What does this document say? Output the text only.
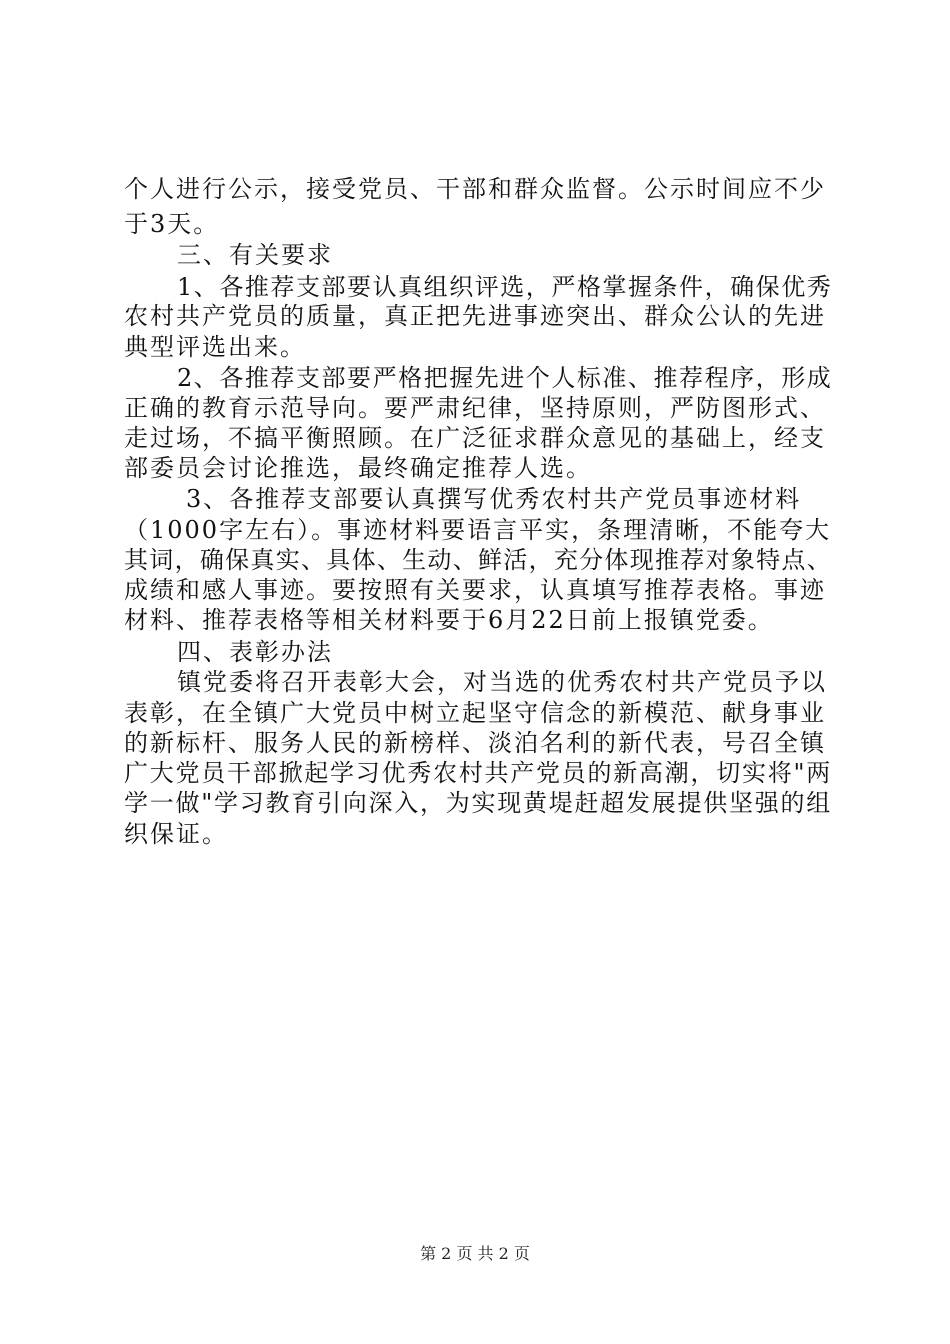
个人进行公示，接受党员、干部和群众监督。公示时间应不少
于3天。
三、有关要求
1、各推荐支部要认真组织评选，严格掌握条件，确保优秀
农村共产党员的质量，真正把先进事迹突出、群众公认的先进
典型评选出来。
2、各推荐支部要严格把握先进个人标准、推荐程序，形成
正确的教育示范导向。要严肃纪律，坚持原则，严防图形式、
走过场，不搞平衡照顾。在广泛征求群众意见的基础上，经支
部委员会讨论推选，最终确定推荐人选。
3、各推荐支部要认真撰写优秀农村共产党员事迹材料
（1000字左右）。事迹材料要语言平实，条理清晰，不能夸大
其词，确保真实、具体、生动、鲜活，充分体现推荐对象特点、
成绩和感人事迹。要按照有关要求，认真填写推荐表格。事迹
材料、推荐表格等相关材料要于6月22日前上报镇党委。
四、表彰办法
镇党委将召开表彰大会，对当选的优秀农村共产党员予以
表彰，在全镇广大党员中树立起坚守信念的新模范、献身事业
的新标杆、服务人民的新榜样、淡泊名利的新代表，号召全镇
广大党员干部掀起学习优秀农村共产党员的新高潮，切实将"两
学一做"学习教育引向深入，为实现黄堤赶超发展提供坚强的组
织保证。
第 2 页 共 2 页
